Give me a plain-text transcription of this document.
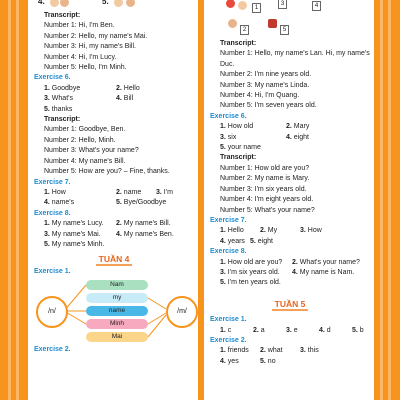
4.	5.
Transcript:
Number 1: Hi, I'm Ben.
Number 2: Hello, my name's Mai.
Number 3: Hi, my name's Bill.
Number 4: Hi, I'm Lucy.
Number 5: Hello, I'm Minh.
Exercise 6.
1. Goodbye	2. Hello
3. What's	4. Bill
5. thanks
Transcript:
Number 1: Goodbye, Ben.
Number 2: Hello, Minh.
Number 3: What's your name?
Number 4: My name's Bill.
Number 5: How are you? – Fine, thanks.
Exercise 7.
1. How	2. name	3. I'm
4. name's	5. Bye/Goodbye
Exercise 8.
1. My name's Lucy.	2. My name's Bill.
3. My name's Mai.	4. My name's Ben.
5. My name's Minh.
TUẦN 4
Exercise 1.
/n/	/m/
Nam
my
name
Minh
Mai
Exercise 2.
1
3	4
2	5
Transcript:
Number 1: Hello, my name's Lan. Hi, my name's
Duc.
Number 2: I'm nine years old.
Number 3: My name's Linda.
Number 4: Hi, I'm Quang.
Number 5: I'm seven years old.
Exercise 6.
1. How old	2. Mary
3. six	4. eight
5. your name
Transcript:
Number 1: How old are you?
Number 2: My name is Mary.
Number 3: I'm six years old.
Number 4: I'm eight years old.
Number 5: What's your name?
Exercise 7.
1. Hello	2. My	3. How
4. years 5. eight
Exercise 8.
1. How old are you?	2. What's your name?
3. I'm six years old.	4. My name is Nam.
5. I'm ten years old.
TUẦN 5
Exercise 1.
1. c	2. a	3. e	4. d	5. b
Exercise 2.
1. friends	2. what	3. this
4. yes	5. no
